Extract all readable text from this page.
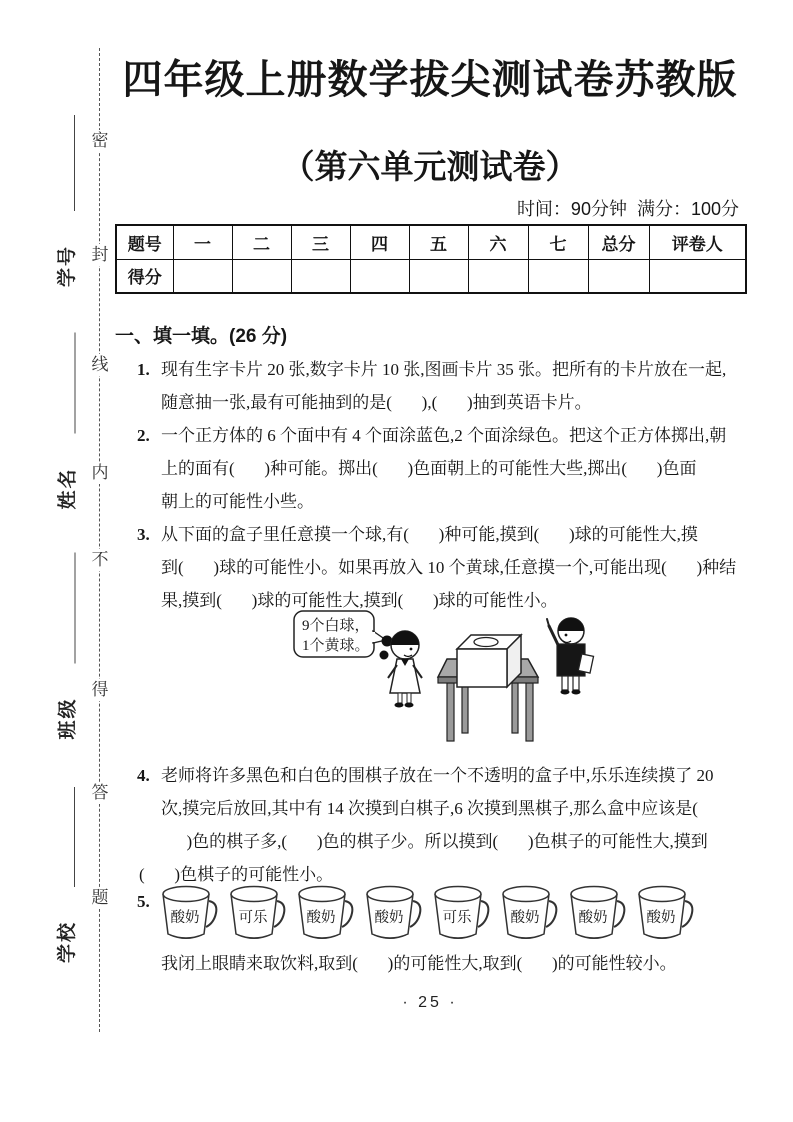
密
封
线
内
不
得
答
题
学号
姓名
班级
学校
四年级上册数学拔尖测试卷苏教版
（第六单元测试卷）
时间：90分钟  满分：100分
题号	一	二	三	四	五	六	七	总分	评卷人
得分									
一、填一填。(26 分)
1. 现有生字卡片 20 张,数字卡片 10 张,图画卡片 35 张。把所有的卡片放在一起,
随意抽一张,最有可能抽到的是(       ),(       )抽到英语卡片。
2. 一个正方体的 6 个面中有 4 个面涂蓝色,2 个面涂绿色。把这个正方体掷出,朝
上的面有(       )种可能。掷出(       )色面朝上的可能性大些,掷出(       )色面
朝上的可能性小些。
3. 从下面的盒子里任意摸一个球,有(       )种可能,摸到(       )球的可能性大,摸
到(       )球的可能性小。如果再放入 10 个黄球,任意摸一个,可能出现(       )种结
果,摸到(       )球的可能性大,摸到(       )球的可能性小。
9个白球，
1个黄球。
4. 老师将许多黑色和白色的围棋子放在一个不透明的盒子中,乐乐连续摸了 20
次,摸完后放回,其中有 14 次摸到白棋子,6 次摸到黑棋子,那么盒中应该是(
)色的棋子多,(       )色的棋子少。所以摸到(       )色棋子的可能性大,摸到
(       )色棋子的可能性小。
5.
酸奶	可乐	酸奶	酸奶	可乐	酸奶	酸奶	酸奶
我闭上眼睛来取饮料,取到(       )的可能性大,取到(       )的可能性较小。
· 25 ·
